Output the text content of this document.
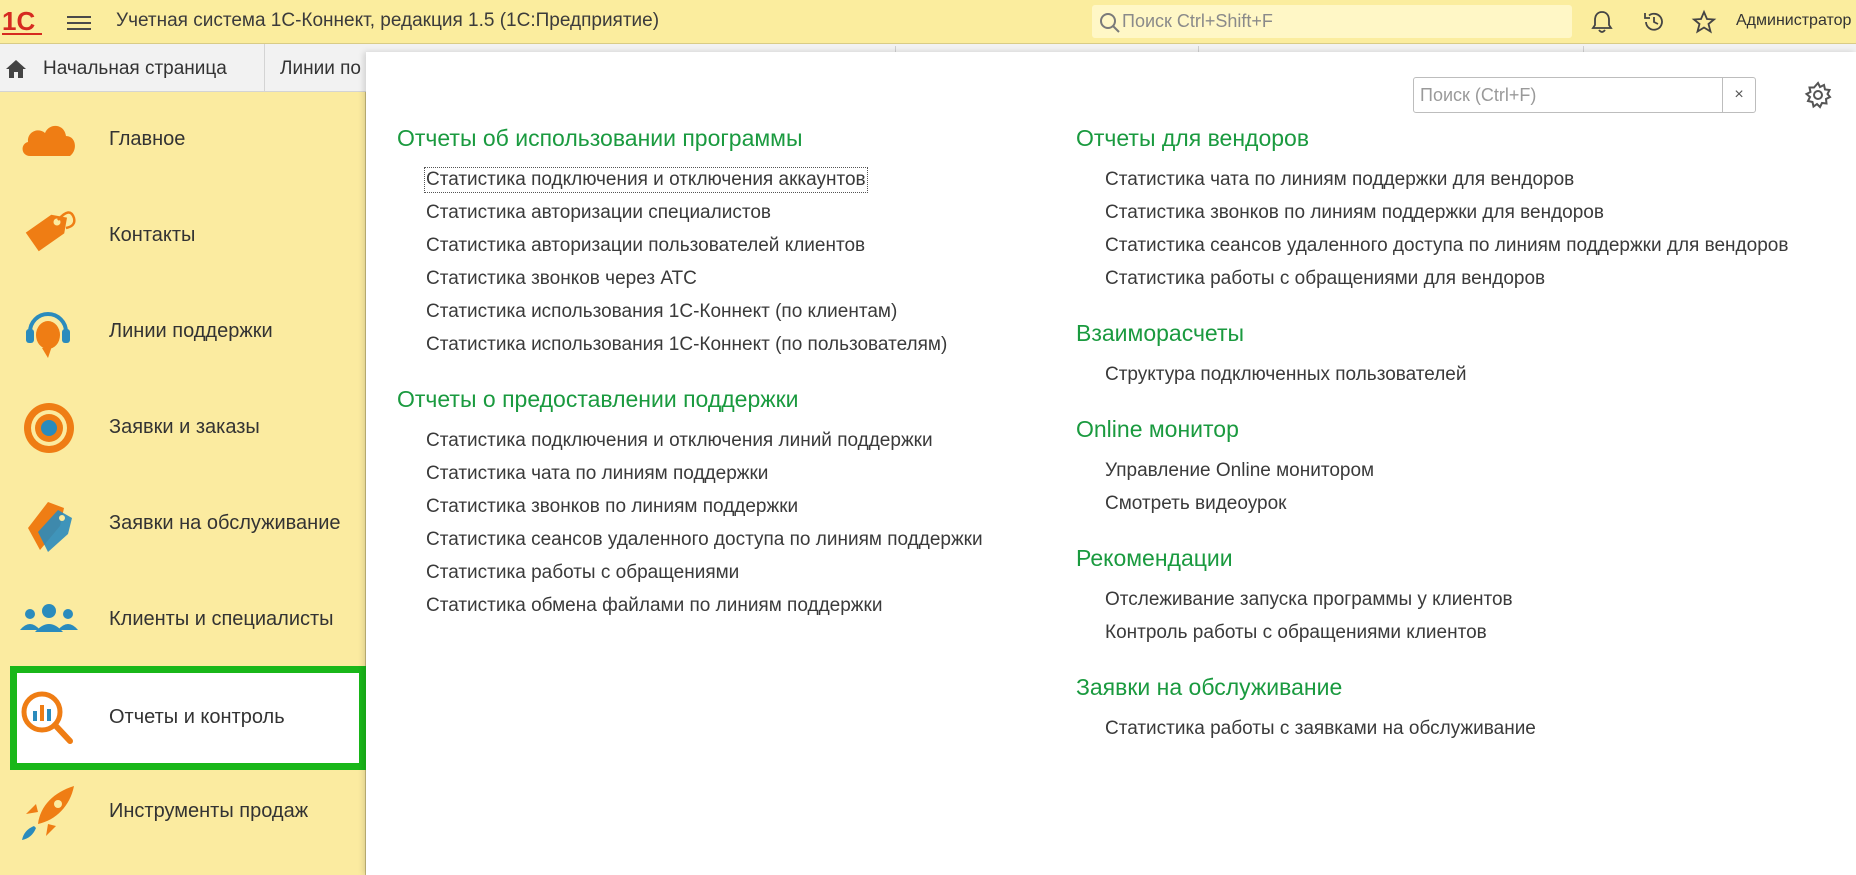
1С	Учетная система 1С-Коннект, редакция 1.5 (1С:Предприятие)
Поиск Ctrl+Shift+F	Администратор
Начальная страница	Линии по
Главное
Контакты
Линии поддержки
Заявки и заказы
Заявки на обслуживание
Клиенты и специалисты
Отчеты и контроль
Инструменты продаж
Поиск (Ctrl+F)
×
Отчеты об использовании программы
Статистика подключения и отключения аккаунтов
Статистика авторизации специалистов
Статистика авторизации пользователей клиентов
Статистика звонков через АТС
Статистика использования 1С-Коннект (по клиентам)
Статистика использования 1С-Коннект (по пользователям)
Отчеты о предоставлении поддержки
Статистика подключения и отключения линий поддержки
Статистика чата по линиям поддержки
Статистика звонков по линиям поддержки
Статистика сеансов удаленного доступа по линиям поддержки
Статистика работы с обращениями
Статистика обмена файлами по линиям поддержки
Отчеты для вендоров
Статистика чата по линиям поддержки для вендоров
Статистика звонков по линиям поддержки для вендоров
Статистика сеансов удаленного доступа по линиям поддержки для вендоров
Статистика работы с обращениями для вендоров
Взаиморасчеты
Структура подключенных пользователей
Online монитор
Управление Online монитором
Смотреть видеоурок
Рекомендации
Отслеживание запуска программы у клиентов
Контроль работы с обращениями клиентов
Заявки на обслуживание
Статистика работы с заявками на обслуживание
